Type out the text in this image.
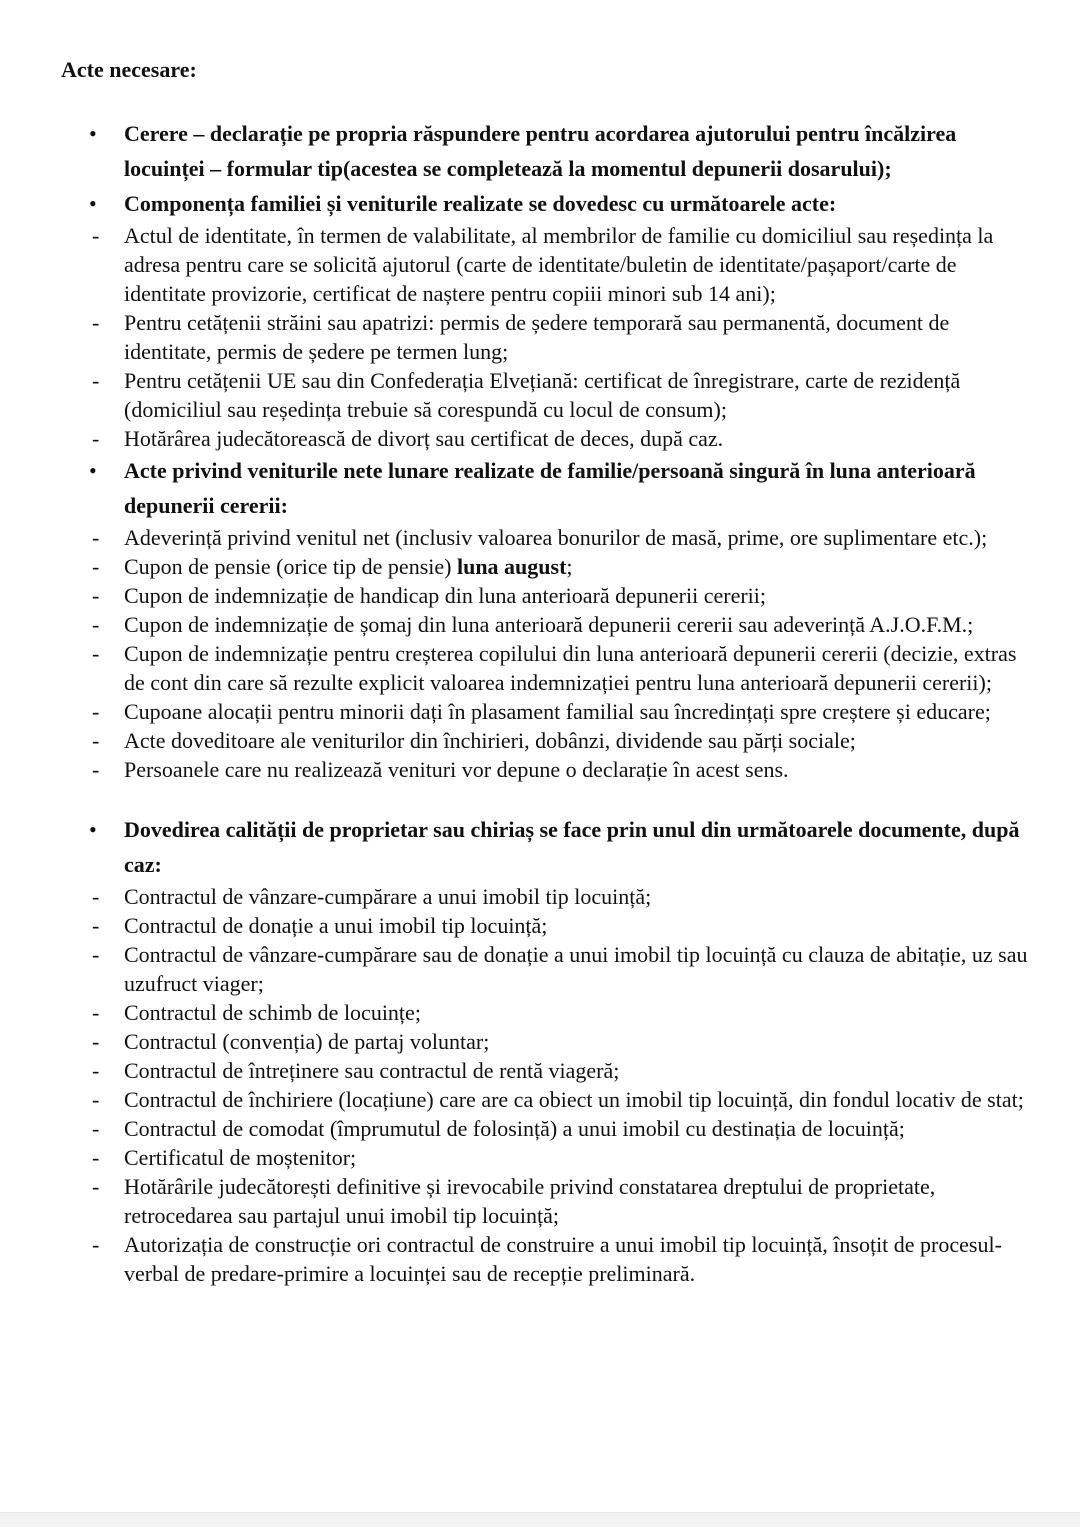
Acte necesare:
•	Cerere – declarație pe propria răspundere pentru acordarea ajutorului pentru încălzirea locuinței – formular tip(acestea se completează la momentul depunerii dosarului);
•	Componența familiei și veniturile realizate se dovedesc cu următoarele acte:
-	Actul de identitate, în termen de valabilitate, al membrilor de familie cu domiciliul sau reședința la adresa pentru care se solicită ajutorul (carte de identitate/buletin de identitate/pașaport/carte de identitate provizorie, certificat de naștere pentru copiii minori sub 14 ani);
-	Pentru cetățenii străini sau apatrizi: permis de ședere temporară sau permanentă, document de identitate, permis de ședere pe termen lung;
-	Pentru cetățenii UE sau din Confederația Elvețiană: certificat de înregistrare, carte de rezidență (domiciliul sau reședința trebuie să corespundă cu locul de consum);
-	Hotărârea judecătorească de divorț sau certificat de deces, după caz.
•	Acte privind veniturile nete lunare realizate de familie/persoană singură în luna anterioară depunerii cererii:
-	Adeverință privind venitul net (inclusiv valoarea bonurilor de masă, prime, ore suplimentare etc.);
-	Cupon de pensie (orice tip de pensie) luna august;
-	Cupon de indemnizație de handicap din luna anterioară depunerii cererii;
-	Cupon de indemnizație de șomaj din luna anterioară depunerii cererii sau adeverință A.J.O.F.M.;
-	Cupon de indemnizație pentru creșterea copilului din luna anterioară depunerii cererii (decizie, extras de cont din care să rezulte explicit valoarea indemnizației pentru luna anterioară depunerii cererii);
-	Cupoane alocații pentru minorii dați în plasament familial sau încredințați spre creștere și educare;
-	Acte doveditoare ale veniturilor din închirieri, dobânzi, dividende sau părți sociale;
-	Persoanele care nu realizează venituri vor depune o declarație în acest sens.
•	Dovedirea calității de proprietar sau chiriaș se face prin unul din următoarele documente, după caz:
-	Contractul de vânzare-cumpărare a unui imobil tip locuință;
-	Contractul de donație a unui imobil tip locuință;
-	Contractul de vânzare-cumpărare sau de donație a unui imobil tip locuință cu clauza de abitație, uz sau uzufruct viager;
-	Contractul de schimb de locuințe;
-	Contractul (convenția) de partaj voluntar;
-	Contractul de întreținere sau contractul de rentă viageră;
-	Contractul de închiriere (locațiune) care are ca obiect un imobil tip locuință, din fondul locativ de stat;
-	Contractul de comodat (împrumutul de folosință) a unui imobil cu destinația de locuință;
-	Certificatul de moștenitor;
-	Hotărârile judecătorești definitive și irevocabile privind constatarea dreptului de proprietate, retrocedarea sau partajul unui imobil tip locuință;
-	Autorizația de construcție ori contractul de construire a unui imobil tip locuință, însoțit de procesul-verbal de predare-primire a locuinței sau de recepție preliminară.
